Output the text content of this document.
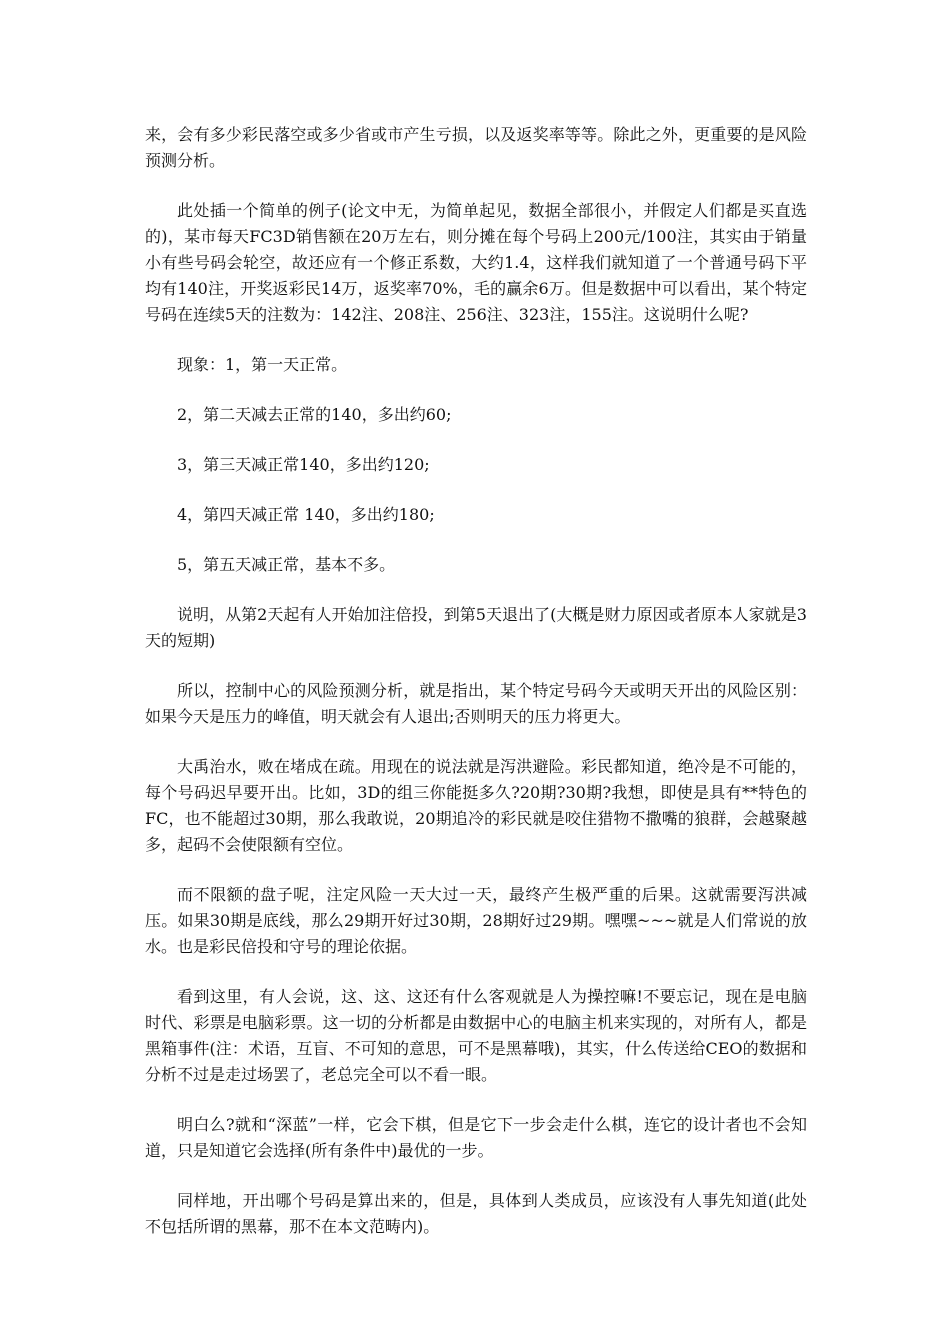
来，会有多少彩民落空或多少省或市产生亏损，以及返奖率等等。除此之外，更重要的是风险预测分析。

此处插一个简单的例子(论文中无，为简单起见，数据全部很小，并假定人们都是买直选的)，某市每天FC3D销售额在20万左右，则分摊在每个号码上200元/100注，其实由于销量小有些号码会轮空，故还应有一个修正系数，大约1.4，这样我们就知道了一个普通号码下平均有140注，开奖返彩民14万，返奖率70%，毛的赢余6万。但是数据中可以看出，某个特定号码在连续5天的注数为：142注、208注、256注、323注，155注。这说明什么呢?

现象：1，第一天正常。

2，第二天减去正常的140，多出约60;

3，第三天减正常140，多出约120;

4，第四天减正常 140，多出约180;

5，第五天减正常，基本不多。

说明，从第2天起有人开始加注倍投，到第5天退出了(大概是财力原因或者原本人家就是3天的短期)

所以，控制中心的风险预测分析，就是指出，某个特定号码今天或明天开出的风险区别：如果今天是压力的峰值，明天就会有人退出;否则明天的压力将更大。

大禹治水，败在堵成在疏。用现在的说法就是泻洪避险。彩民都知道，绝冷是不可能的，每个号码迟早要开出。比如，3D的组三你能挺多久?20期?30期?我想，即使是具有**特色的FC，也不能超过30期，那么我敢说，20期追冷的彩民就是咬住猎物不撒嘴的狼群，会越聚越多，起码不会使限额有空位。

而不限额的盘子呢，注定风险一天大过一天，最终产生极严重的后果。这就需要泻洪减压。如果30期是底线，那么29期开好过30期，28期好过29期。嘿嘿~~~就是人们常说的放水。也是彩民倍投和守号的理论依据。

看到这里，有人会说，这、这、这还有什么客观就是人为操控嘛!不要忘记，现在是电脑时代、彩票是电脑彩票。这一切的分析都是由数据中心的电脑主机来实现的，对所有人，都是黑箱事件(注：术语，互盲、不可知的意思，可不是黑幕哦)，其实，什么传送给CEO的数据和分析不过是走过场罢了，老总完全可以不看一眼。

明白么?就和“深蓝”一样，它会下棋，但是它下一步会走什么棋，连它的设计者也不会知道，只是知道它会选择(所有条件中)最优的一步。

同样地，开出哪个号码是算出来的，但是，具体到人类成员，应该没有人事先知道(此处不包括所谓的黑幕，那不在本文范畴内)。
